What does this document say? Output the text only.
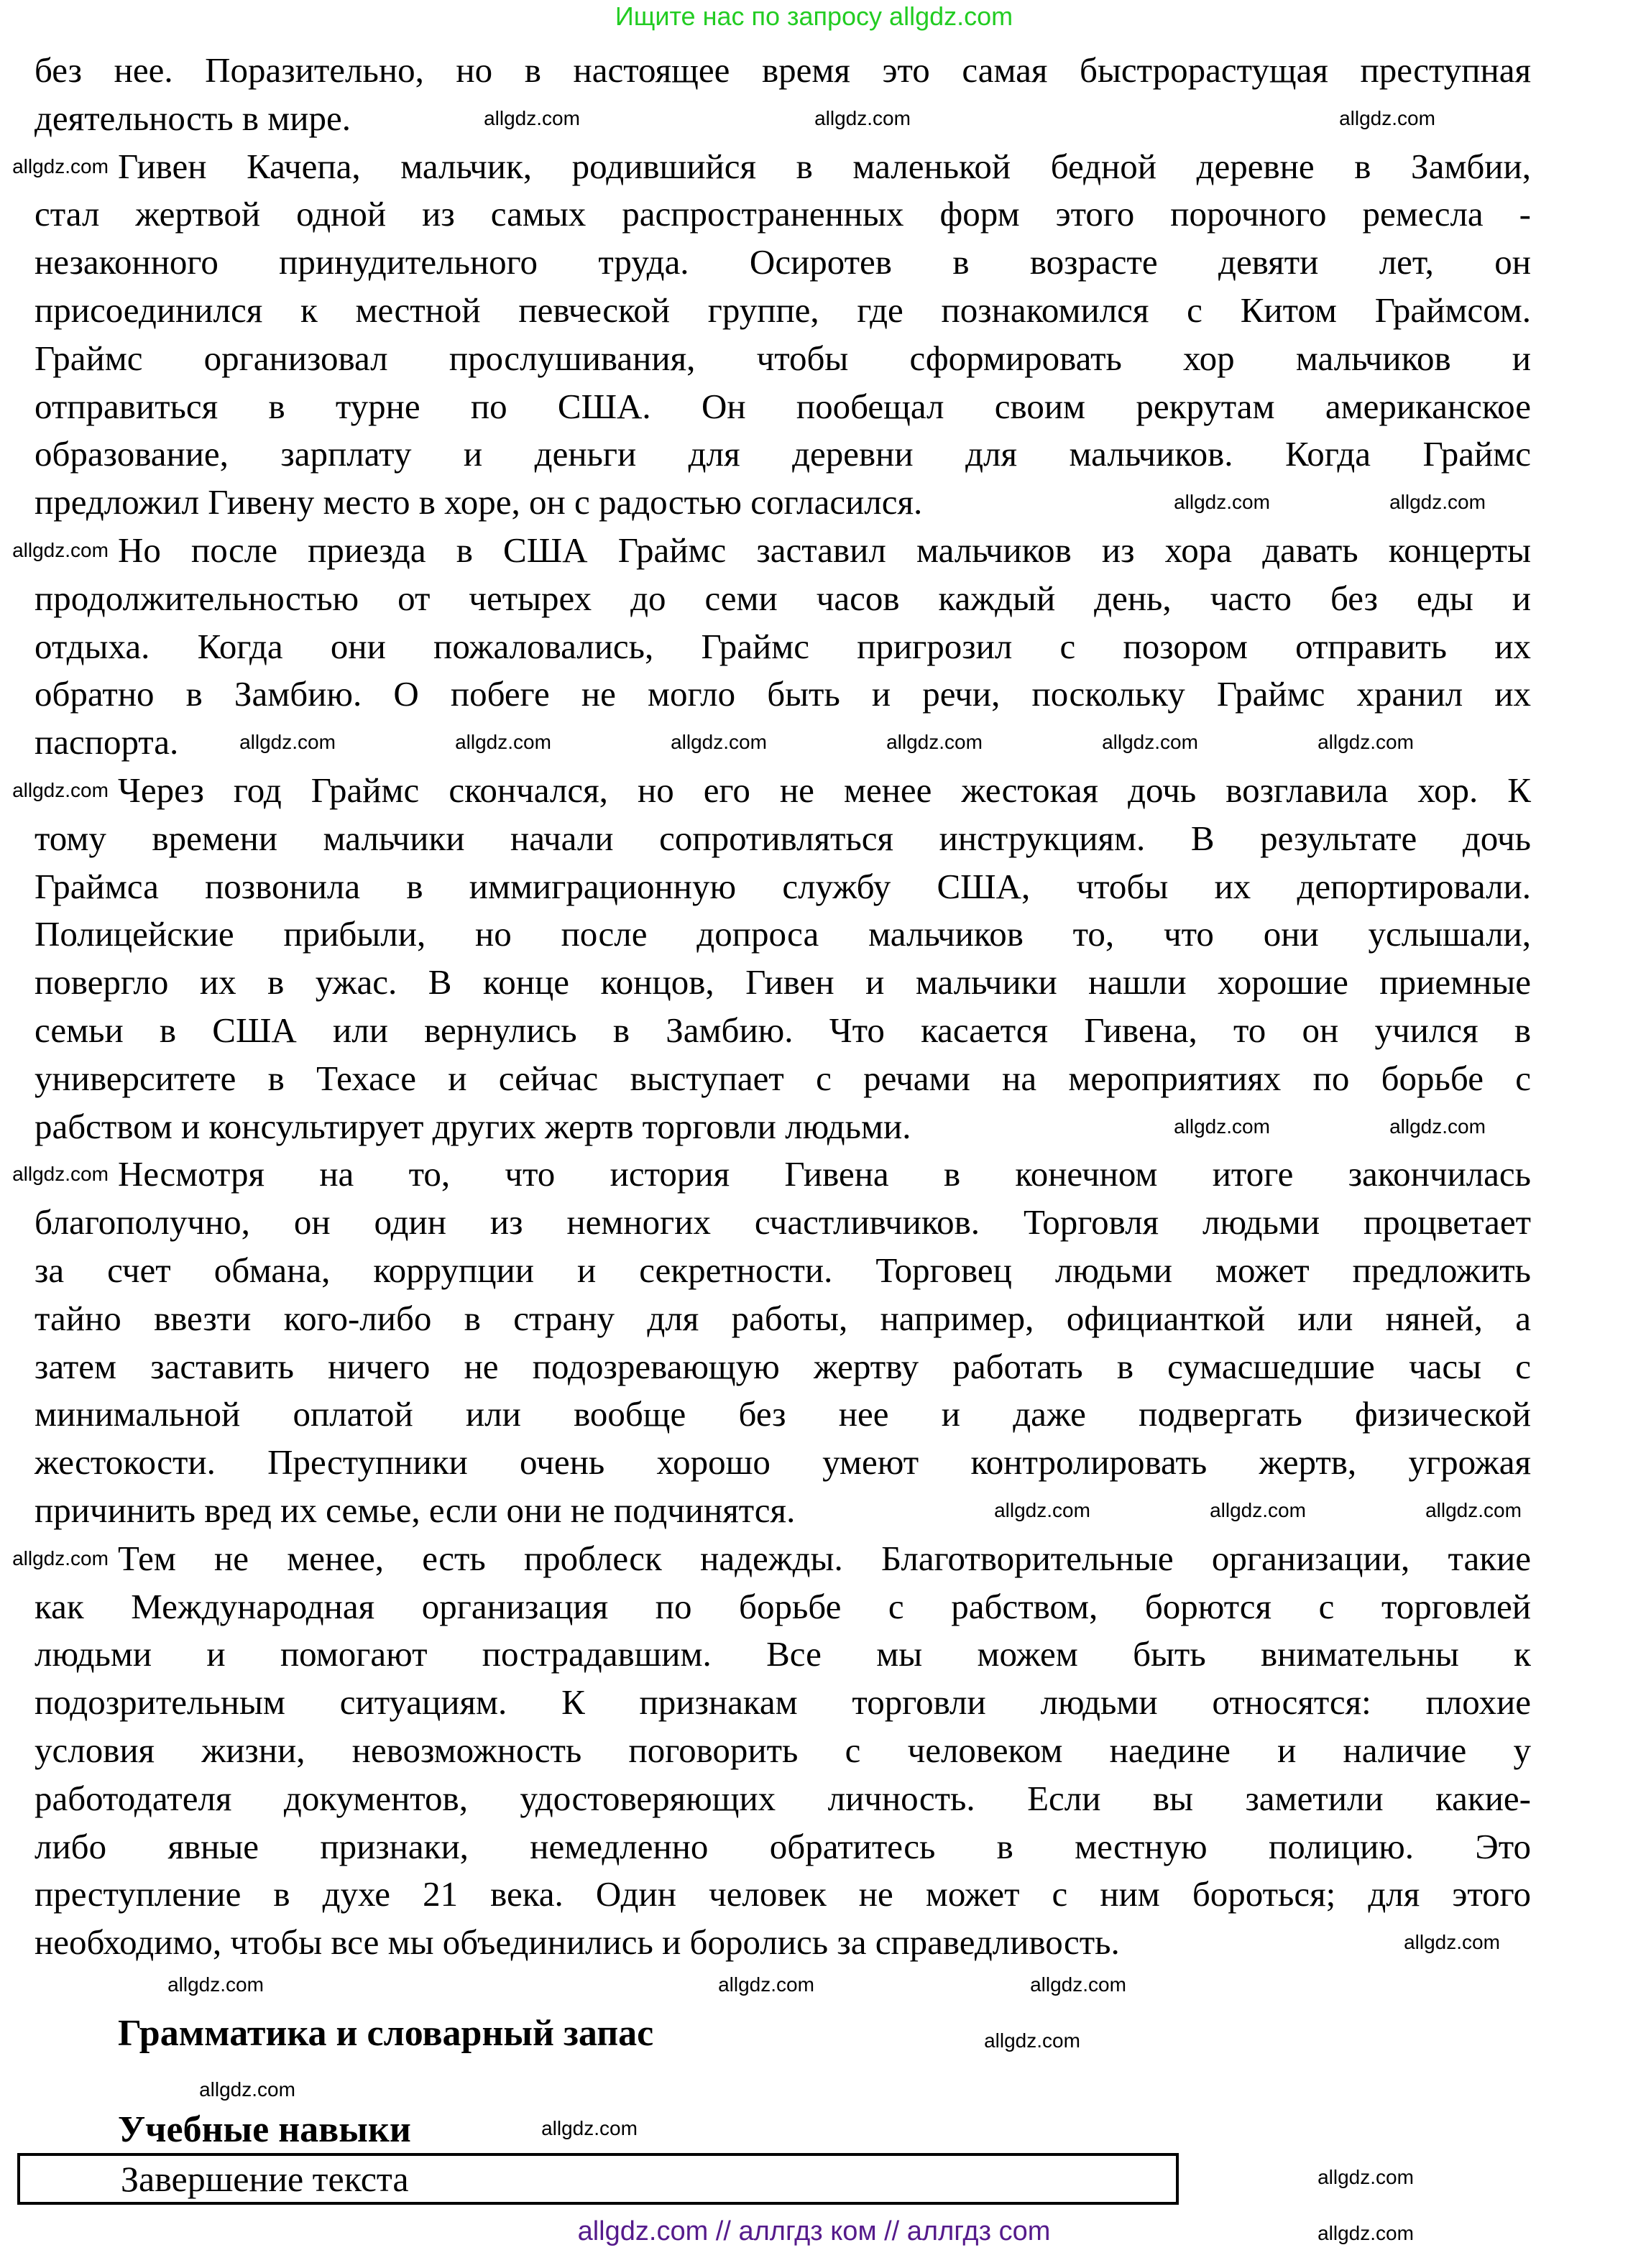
Ищите нас по запросу allgdz.com
без нее. Поразительно, но в настоящее время это самая быстрорастущая преступная
деятельность в мире.
Гивен Качепа, мальчик, родившийся в маленькой бедной деревне в Замбии,
стал жертвой одной из самых распространенных форм этого порочного ремесла -
незаконного принудительного труда. Осиротев в возрасте девяти лет, он
присоединился к местной певческой группе, где познакомился с Китом Граймсом.
Граймс организовал прослушивания, чтобы сформировать хор мальчиков и
отправиться в турне по США. Он пообещал своим рекрутам американское
образование, зарплату и деньги для деревни для мальчиков. Когда Граймс
предложил Гивену место в хоре, он с радостью согласился.
Но после приезда в США Граймс заставил мальчиков из хора давать концерты
продолжительностью от четырех до семи часов каждый день, часто без еды и
отдыха. Когда они пожаловались, Граймс пригрозил с позором отправить их
обратно в Замбию. О побеге не могло быть и речи, поскольку Граймс хранил их
паспорта.
Через год Граймс скончался, но его не менее жестокая дочь возглавила хор. К
тому времени мальчики начали сопротивляться инструкциям. В результате дочь
Граймса позвонила в иммиграционную службу США, чтобы их депортировали.
Полицейские прибыли, но после допроса мальчиков то, что они услышали,
повергло их в ужас. В конце концов, Гивен и мальчики нашли хорошие приемные
семьи в США или вернулись в Замбию. Что касается Гивена, то он учился в
университете в Техасе и сейчас выступает с речами на мероприятиях по борьбе с
рабством и консультирует других жертв торговли людьми.
Несмотря на то, что история Гивена в конечном итоге закончилась
благополучно, он один из немногих счастливчиков. Торговля людьми процветает
за счет обмана, коррупции и секретности. Торговец людьми может предложить
тайно ввезти кого-либо в страну для работы, например, официанткой или няней, а
затем заставить ничего не подозревающую жертву работать в сумасшедшие часы с
минимальной оплатой или вообще без нее и даже подвергать физической
жестокости. Преступники очень хорошо умеют контролировать жертв, угрожая
причинить вред их семье, если они не подчинятся.
Тем не менее, есть проблеск надежды. Благотворительные организации, такие
как Международная организация по борьбе с рабством, борются с торговлей
людьми и помогают пострадавшим. Все мы можем быть внимательны к
подозрительным ситуациям. К признакам торговли людьми относятся: плохие
условия жизни, невозможность поговорить с человеком наедине и наличие у
работодателя документов, удостоверяющих личность. Если вы заметили какие-
либо явные признаки, немедленно обратитесь в местную полицию. Это
преступление в духе 21 века. Один человек не может с ним бороться; для этого
необходимо, чтобы все мы объединились и боролись за справедливость.
allgdz.com	allgdz.com	allgdz.com
allgdz.com	allgdz.com
allgdz.com	allgdz.com	allgdz.com	allgdz.com	allgdz.com	allgdz.com
allgdz.com	allgdz.com
allgdz.com	allgdz.com	allgdz.com
allgdz.com
allgdz.com
allgdz.com
allgdz.com
allgdz.com
allgdz.com
allgdz.com	allgdz.com	allgdz.com
allgdz.com
allgdz.com
allgdz.com
allgdz.com
allgdz.com
Грамматика и словарный запас
Учебные навыки
Завершение текста
allgdz.com // аллгдз ком // аллгдз com
